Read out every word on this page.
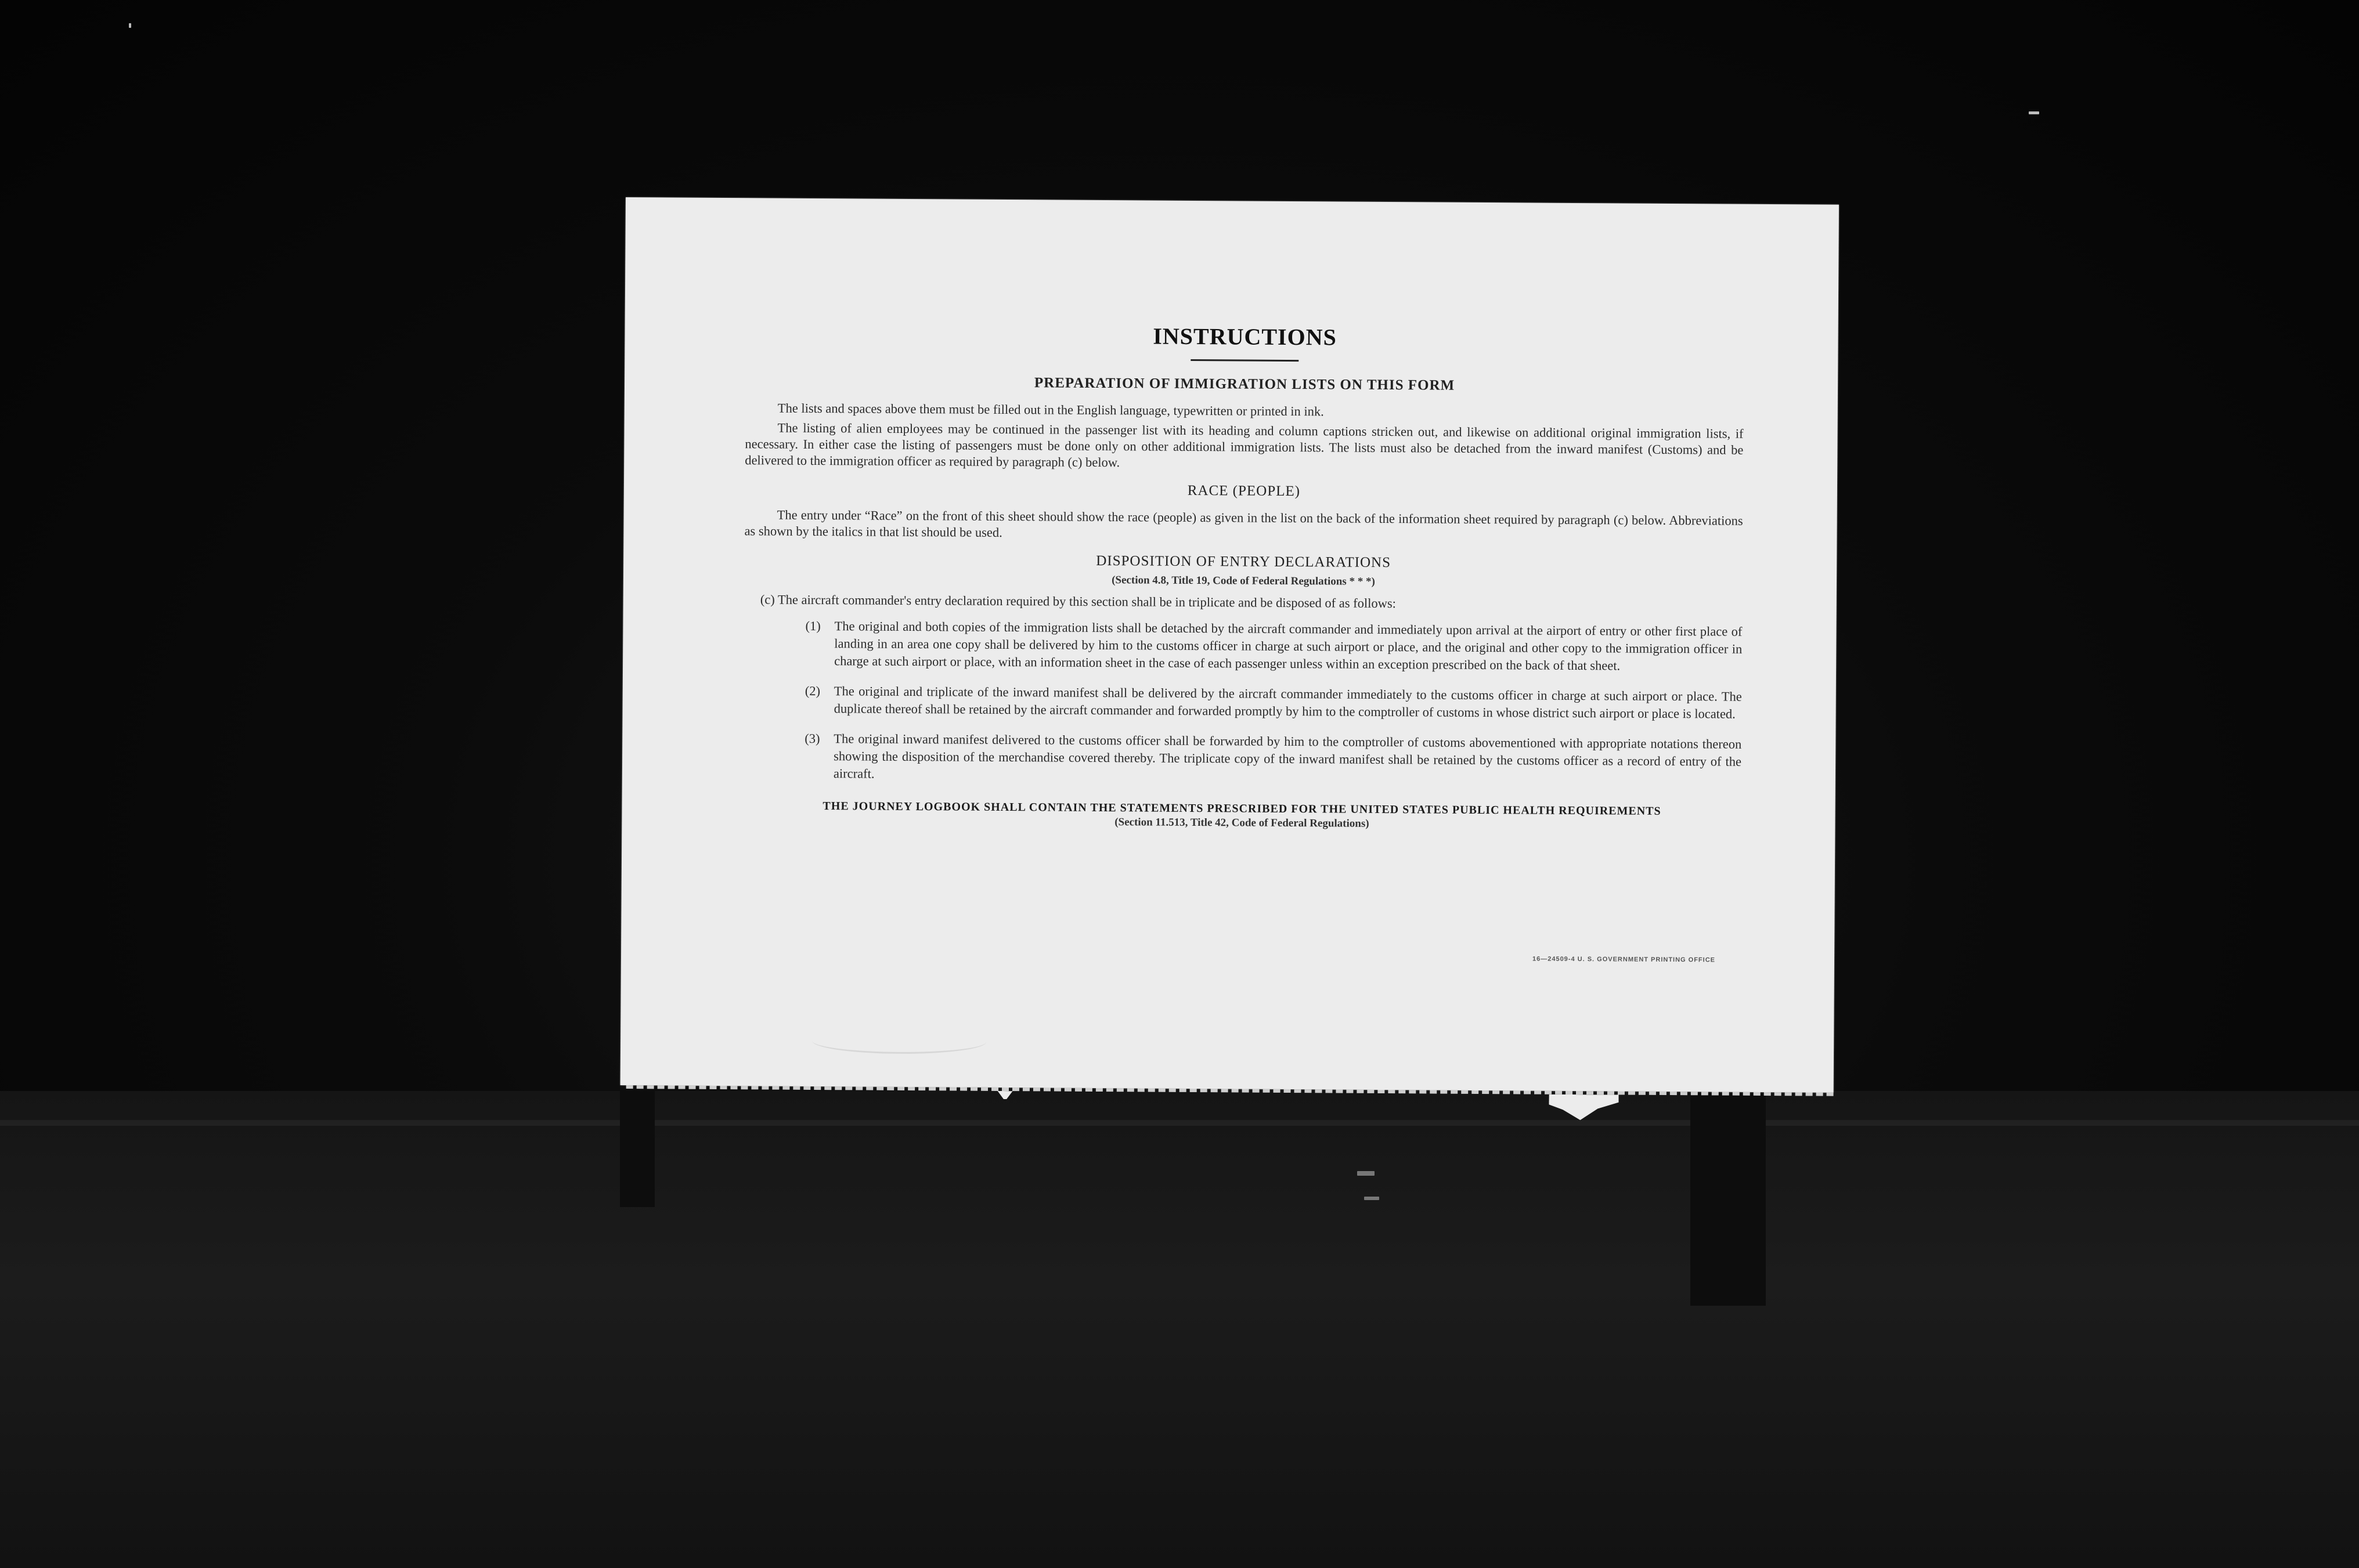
INSTRUCTIONS
PREPARATION OF IMMIGRATION LISTS ON THIS FORM

The lists and spaces above them must be filled out in the English language, typewritten or printed in ink.

The listing of alien employees may be continued in the passenger list with its heading and column captions stricken out, and likewise on additional original immigration lists, if necessary. In either case the listing of passengers must be done only on other additional immigration lists. The lists must also be detached from the inward manifest (Customs) and be delivered to the immigration officer as required by paragraph (c) below.

RACE (PEOPLE)

The entry under “Race” on the front of this sheet should show the race (people) as given in the list on the back of the information sheet required by paragraph (c) below. Abbreviations as shown by the italics in that list should be used.

DISPOSITION OF ENTRY DECLARATIONS
(Section 4.8, Title 19, Code of Federal Regulations * * *)

(c) The aircraft commander's entry declaration required by this section shall be in triplicate and be disposed of as follows:

(1) The original and both copies of the immigration lists shall be detached by the aircraft commander and immediately upon arrival at the airport of entry or other first place of landing in an area one copy shall be delivered by him to the customs officer in charge at such airport or place, and the original and other copy to the immigration officer in charge at such airport or place, with an information sheet in the case of each passenger unless within an exception prescribed on the back of that sheet.
(2) The original and triplicate of the inward manifest shall be delivered by the aircraft commander immediately to the customs officer in charge at such airport or place. The duplicate thereof shall be retained by the aircraft commander and forwarded promptly by him to the comptroller of customs in whose district such airport or place is located.
(3) The original inward manifest delivered to the customs officer shall be forwarded by him to the comptroller of customs abovementioned with appropriate notations thereon showing the disposition of the merchandise covered thereby. The triplicate copy of the inward manifest shall be retained by the customs officer as a record of entry of the aircraft.
THE JOURNEY LOGBOOK SHALL CONTAIN THE STATEMENTS PRESCRIBED FOR THE UNITED STATES PUBLIC HEALTH REQUIREMENTS
(Section 11.513, Title 42, Code of Federal Regulations)
16—24509-4 U. S. GOVERNMENT PRINTING OFFICE
